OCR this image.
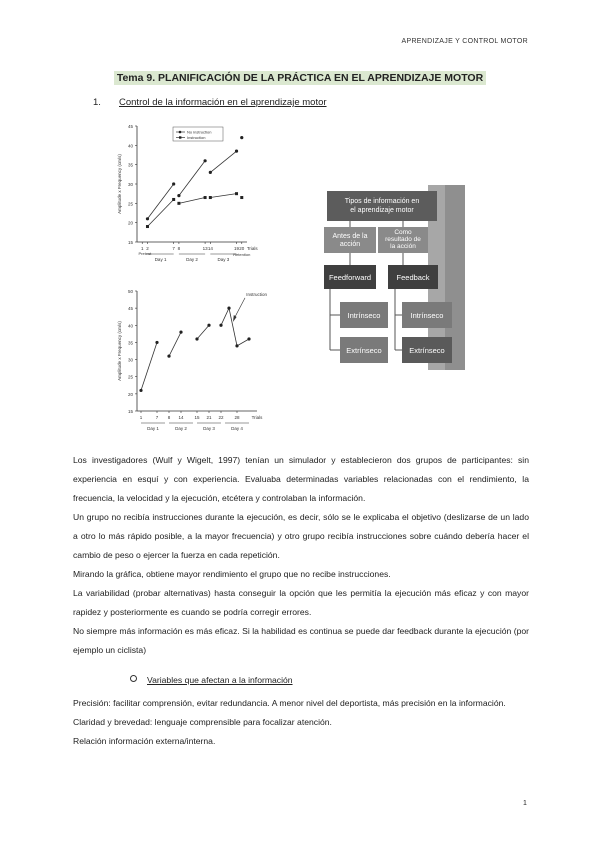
APRENDIZAJE Y CONTROL MOTOR
Tema 9. PLANIFICACIÓN DE LA PRÁCTICA EN EL APRENDIZAJE MOTOR
1. Control de la información en el aprendizaje motor
45
40
35
30
25
20
15
Amplitude x Frequency (cm/s)
1 2	7 8	13 14	19 20 Trials
Day 1	Day 2	Day 3
Pretest	Retention
No instruction
Instruction
50
45
40
35
30
25
20
15
Amplitude x Frequency (cm/s)
1	7 8 14 15 21 22 28	Trials
Day 1	Day 2	Day 3	Day 4
Instruction
Tipos de información en el aprendizaje motor
Antes de la acción
Como resultado de la acción
Feedforward	Feedback
Intrínseco
Extrínseco
Intrínseco
Extrínseco

Los investigadores (Wulf y Wigelt, 1997) tenían un simulador y establecieron dos grupos de participantes: sin experiencia en esquí y con experiencia. Evaluaba determinadas variables relacionadas con el rendimiento, la frecuencia, la velocidad y la ejecución, etcétera y controlaban la información.

Un grupo no recibía instrucciones durante la ejecución, es decir, sólo se le explicaba el objetivo (deslizarse de un lado a otro lo más rápido posible, a la mayor frecuencia) y otro grupo recibía instrucciones sobre cuándo debería hacer el cambio de peso o ejercer la fuerza en cada repetición.

Mirando la gráfica, obtiene mayor rendimiento el grupo que no recibe instrucciones.

La variabilidad (probar alternativas) hasta conseguir la opción que les permitía la ejecución más eficaz y con mayor rapidez y posteriormente es cuando se podría corregir errores.

No siempre más información es más eficaz. Si la habilidad es continua se puede dar feedback durante la ejecución (por ejemplo un ciclista)

Variables que afectan a la información

Precisión: facilitar comprensión, evitar redundancia. A menor nivel del deportista, más precisión en la información.

Claridad y brevedad: lenguaje comprensible para focalizar atención.

Relación información externa/interna.

1
